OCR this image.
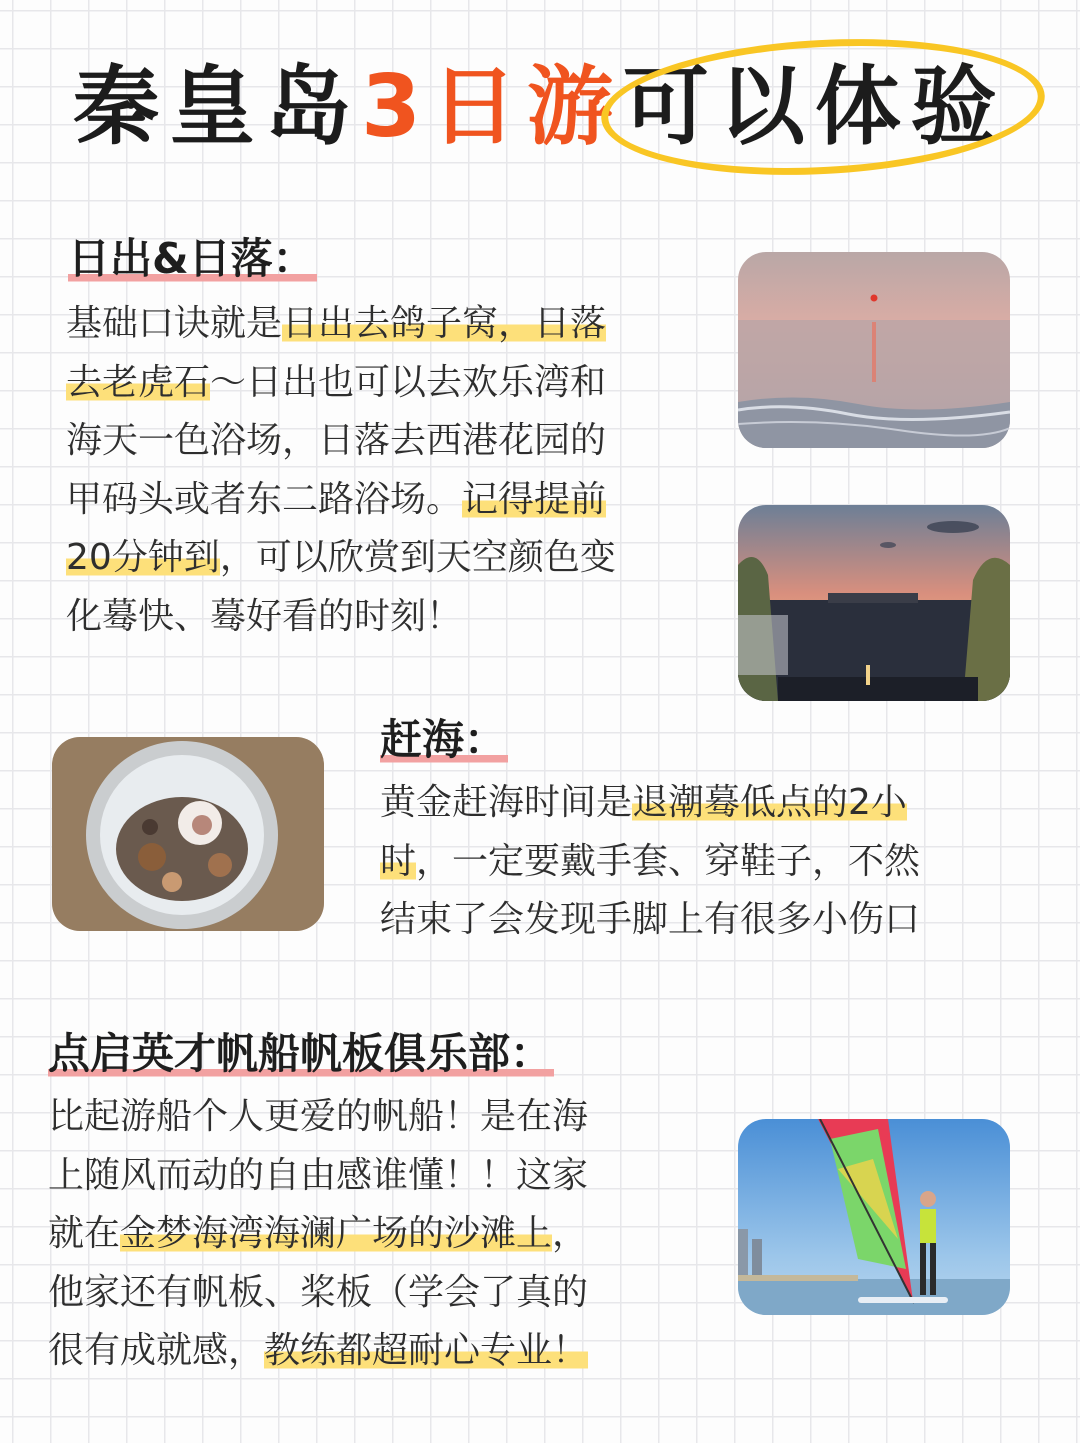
秦皇岛3日游可以体验
日出&日落：
基础口诀就是日出去鸽子窝，日落
去老虎石～日出也可以去欢乐湾和
海天一色浴场，日落去西港花园的
甲码头或者东二路浴场。记得提前
20分钟到，可以欣赏到天空颜色变
化蓦快、蓦好看的时刻！
赶海：
黄金赶海时间是退潮蓦低点的2小
时，一定要戴手套、穿鞋子，不然
结束了会发现手脚上有很多小伤口
点启英才帆船帆板俱乐部：
比起游船个人更爱的帆船！是在海
上随风而动的自由感谁懂！！这家
就在金梦海湾海澜广场的沙滩上，
他家还有帆板、桨板（学会了真的
很有成就感，教练都超耐心专业！
